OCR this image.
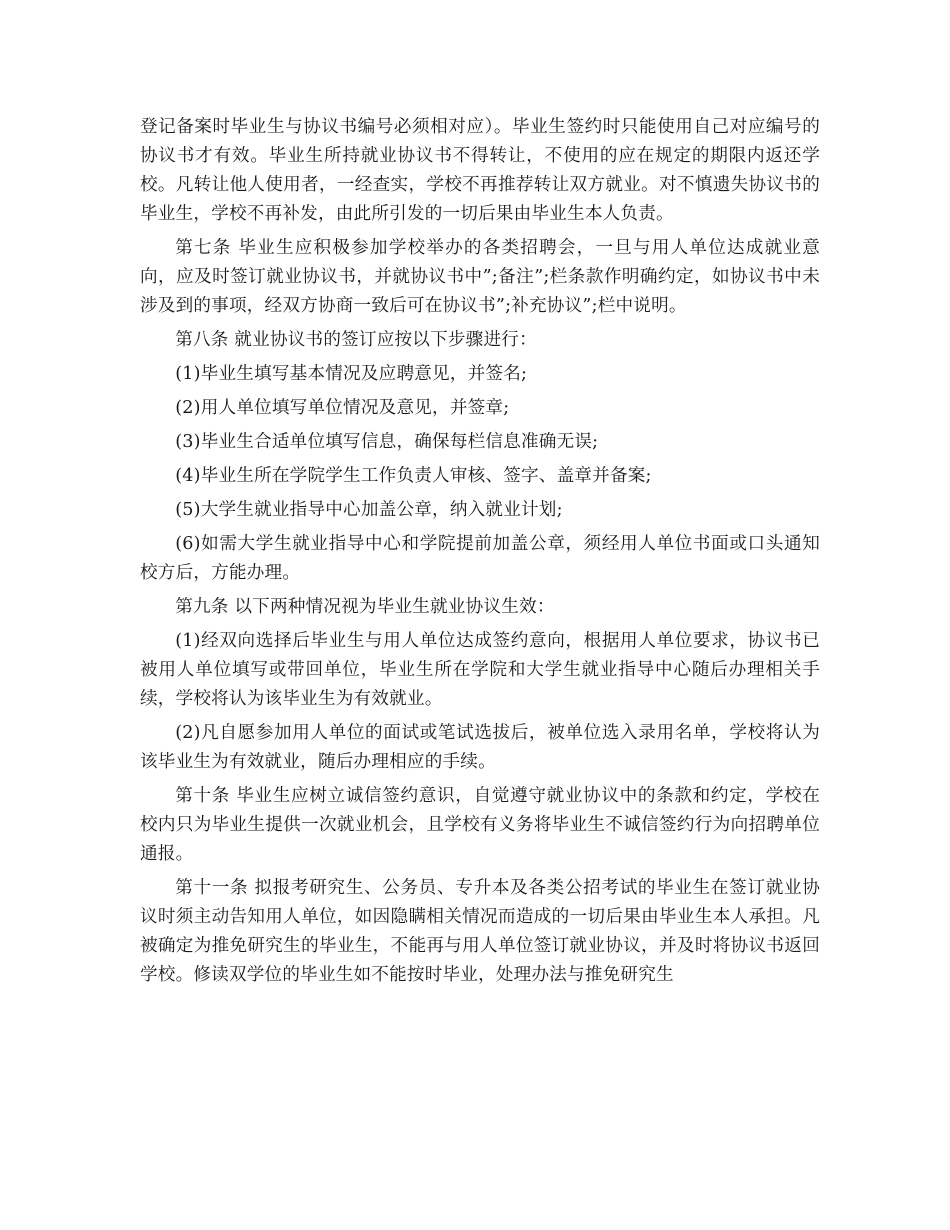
登记备案时毕业生与协议书编号必须相对应）。毕业生签约时只能使用自己对应编号的协议书才有效。毕业生所持就业协议书不得转让，不使用的应在规定的期限内返还学校。凡转让他人使用者，一经查实，学校不再推荐转让双方就业。对不慎遗失协议书的毕业生，学校不再补发，由此所引发的一切后果由毕业生本人负责。

第七条 毕业生应积极参加学校举办的各类招聘会，一旦与用人单位达成就业意向，应及时签订就业协议书，并就协议书中”;备注”;栏条款作明确约定，如协议书中未涉及到的事项，经双方协商一致后可在协议书”;补充协议”;栏中说明。

第八条 就业协议书的签订应按以下步骤进行：

(1)毕业生填写基本情况及应聘意见，并签名;

(2)用人单位填写单位情况及意见，并签章;

(3)毕业生合适单位填写信息，确保每栏信息准确无误;

(4)毕业生所在学院学生工作负责人审核、签字、盖章并备案;

(5)大学生就业指导中心加盖公章，纳入就业计划;

(6)如需大学生就业指导中心和学院提前加盖公章，须经用人单位书面或口头通知校方后，方能办理。

第九条 以下两种情况视为毕业生就业协议生效：

(1)经双向选择后毕业生与用人单位达成签约意向，根据用人单位要求，协议书已被用人单位填写或带回单位，毕业生所在学院和大学生就业指导中心随后办理相关手续，学校将认为该毕业生为有效就业。

(2)凡自愿参加用人单位的面试或笔试选拔后，被单位选入录用名单，学校将认为该毕业生为有效就业，随后办理相应的手续。

第十条 毕业生应树立诚信签约意识，自觉遵守就业协议中的条款和约定，学校在校内只为毕业生提供一次就业机会，且学校有义务将毕业生不诚信签约行为向招聘单位通报。

第十一条 拟报考研究生、公务员、专升本及各类公招考试的毕业生在签订就业协议时须主动告知用人单位，如因隐瞒相关情况而造成的一切后果由毕业生本人承担。凡被确定为推免研究生的毕业生，不能再与用人单位签订就业协议，并及时将协议书返回学校。修读双学位的毕业生如不能按时毕业，处理办法与推免研究生
